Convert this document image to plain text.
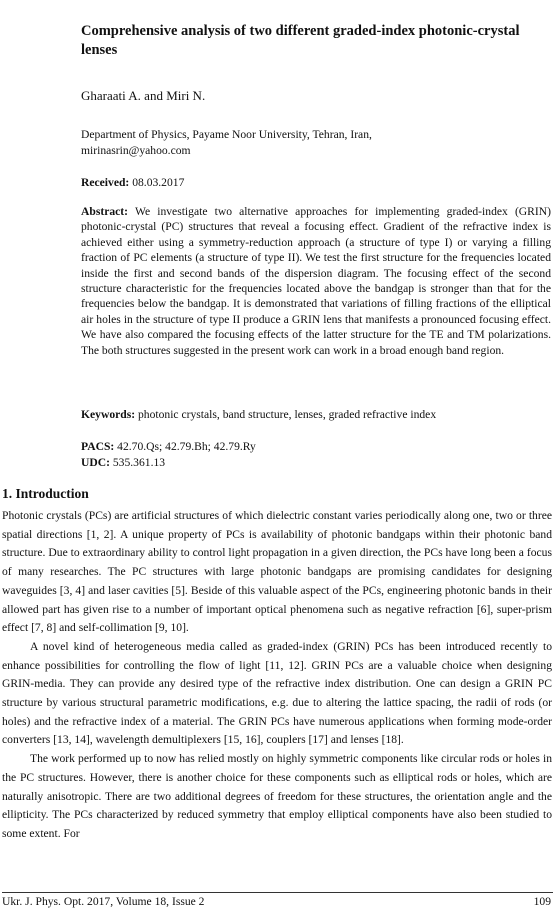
Comprehensive analysis of two different graded-index photonic-crystal lenses
Gharaati A. and Miri N.
Department of Physics, Payame Noor University, Tehran, Iran,
mirinasrin@yahoo.com
Received: 08.03.2017

Abstract: We investigate two alternative approaches for implementing graded-index (GRIN) photonic-crystal (PC) structures that reveal a focusing effect. Gradient of the refractive index is achieved either using a symmetry-reduction approach (a structure of type I) or varying a filling fraction of PC elements (a structure of type II). We test the first structure for the frequencies located inside the first and second bands of the dispersion diagram. The focusing effect of the second structure characteristic for the frequencies located above the bandgap is stronger than that for the frequencies below the bandgap. It is demonstrated that variations of filling fractions of the elliptical air holes in the structure of type II produce a GRIN lens that manifests a pronounced focusing effect. We have also compared the focusing effects of the latter structure for the TE and TM polarizations. The both structures suggested in the present work can work in a broad enough band region.

Keywords: photonic crystals, band structure, lenses, graded refractive index
PACS: 42.70.Qs; 42.79.Bh; 42.79.Ry
UDC: 535.361.13
1. Introduction

Photonic crystals (PCs) are artificial structures of which dielectric constant varies periodically along one, two or three spatial directions [1, 2]. A unique property of PCs is availability of photonic bandgaps within their photonic band structure. Due to extraordinary ability to control light propagation in a given direction, the PCs have long been a focus of many researches. The PC structures with large photonic bandgaps are promising candidates for designing waveguides [3, 4] and laser cavities [5]. Beside of this valuable aspect of the PCs, engineering photonic bands in their allowed part has given rise to a number of important optical phenomena such as negative refraction [6], super-prism effect [7, 8] and self-collimation [9, 10].

A novel kind of heterogeneous media called as graded-index (GRIN) PCs has been introduced recently to enhance possibilities for controlling the flow of light [11, 12]. GRIN PCs are a valuable choice when designing GRIN-media. They can provide any desired type of the refractive index distribution. One can design a GRIN PC structure by various structural parametric modifications, e.g. due to altering the lattice spacing, the radii of rods (or holes) and the refractive index of a material. The GRIN PCs have numerous applications when forming mode-order converters [13, 14], wavelength demultiplexers [15, 16], couplers [17] and lenses [18].

The work performed up to now has relied mostly on highly symmetric components like circular rods or holes in the PC structures. However, there is another choice for these components such as elliptical rods or holes, which are naturally anisotropic. There are two additional degrees of freedom for these structures, the orientation angle and the ellipticity. The PCs characterized by reduced symmetry that employ elliptical components have also been studied to some extent. For

Ukr. J. Phys. Opt. 2017, Volume 18, Issue 2	109
